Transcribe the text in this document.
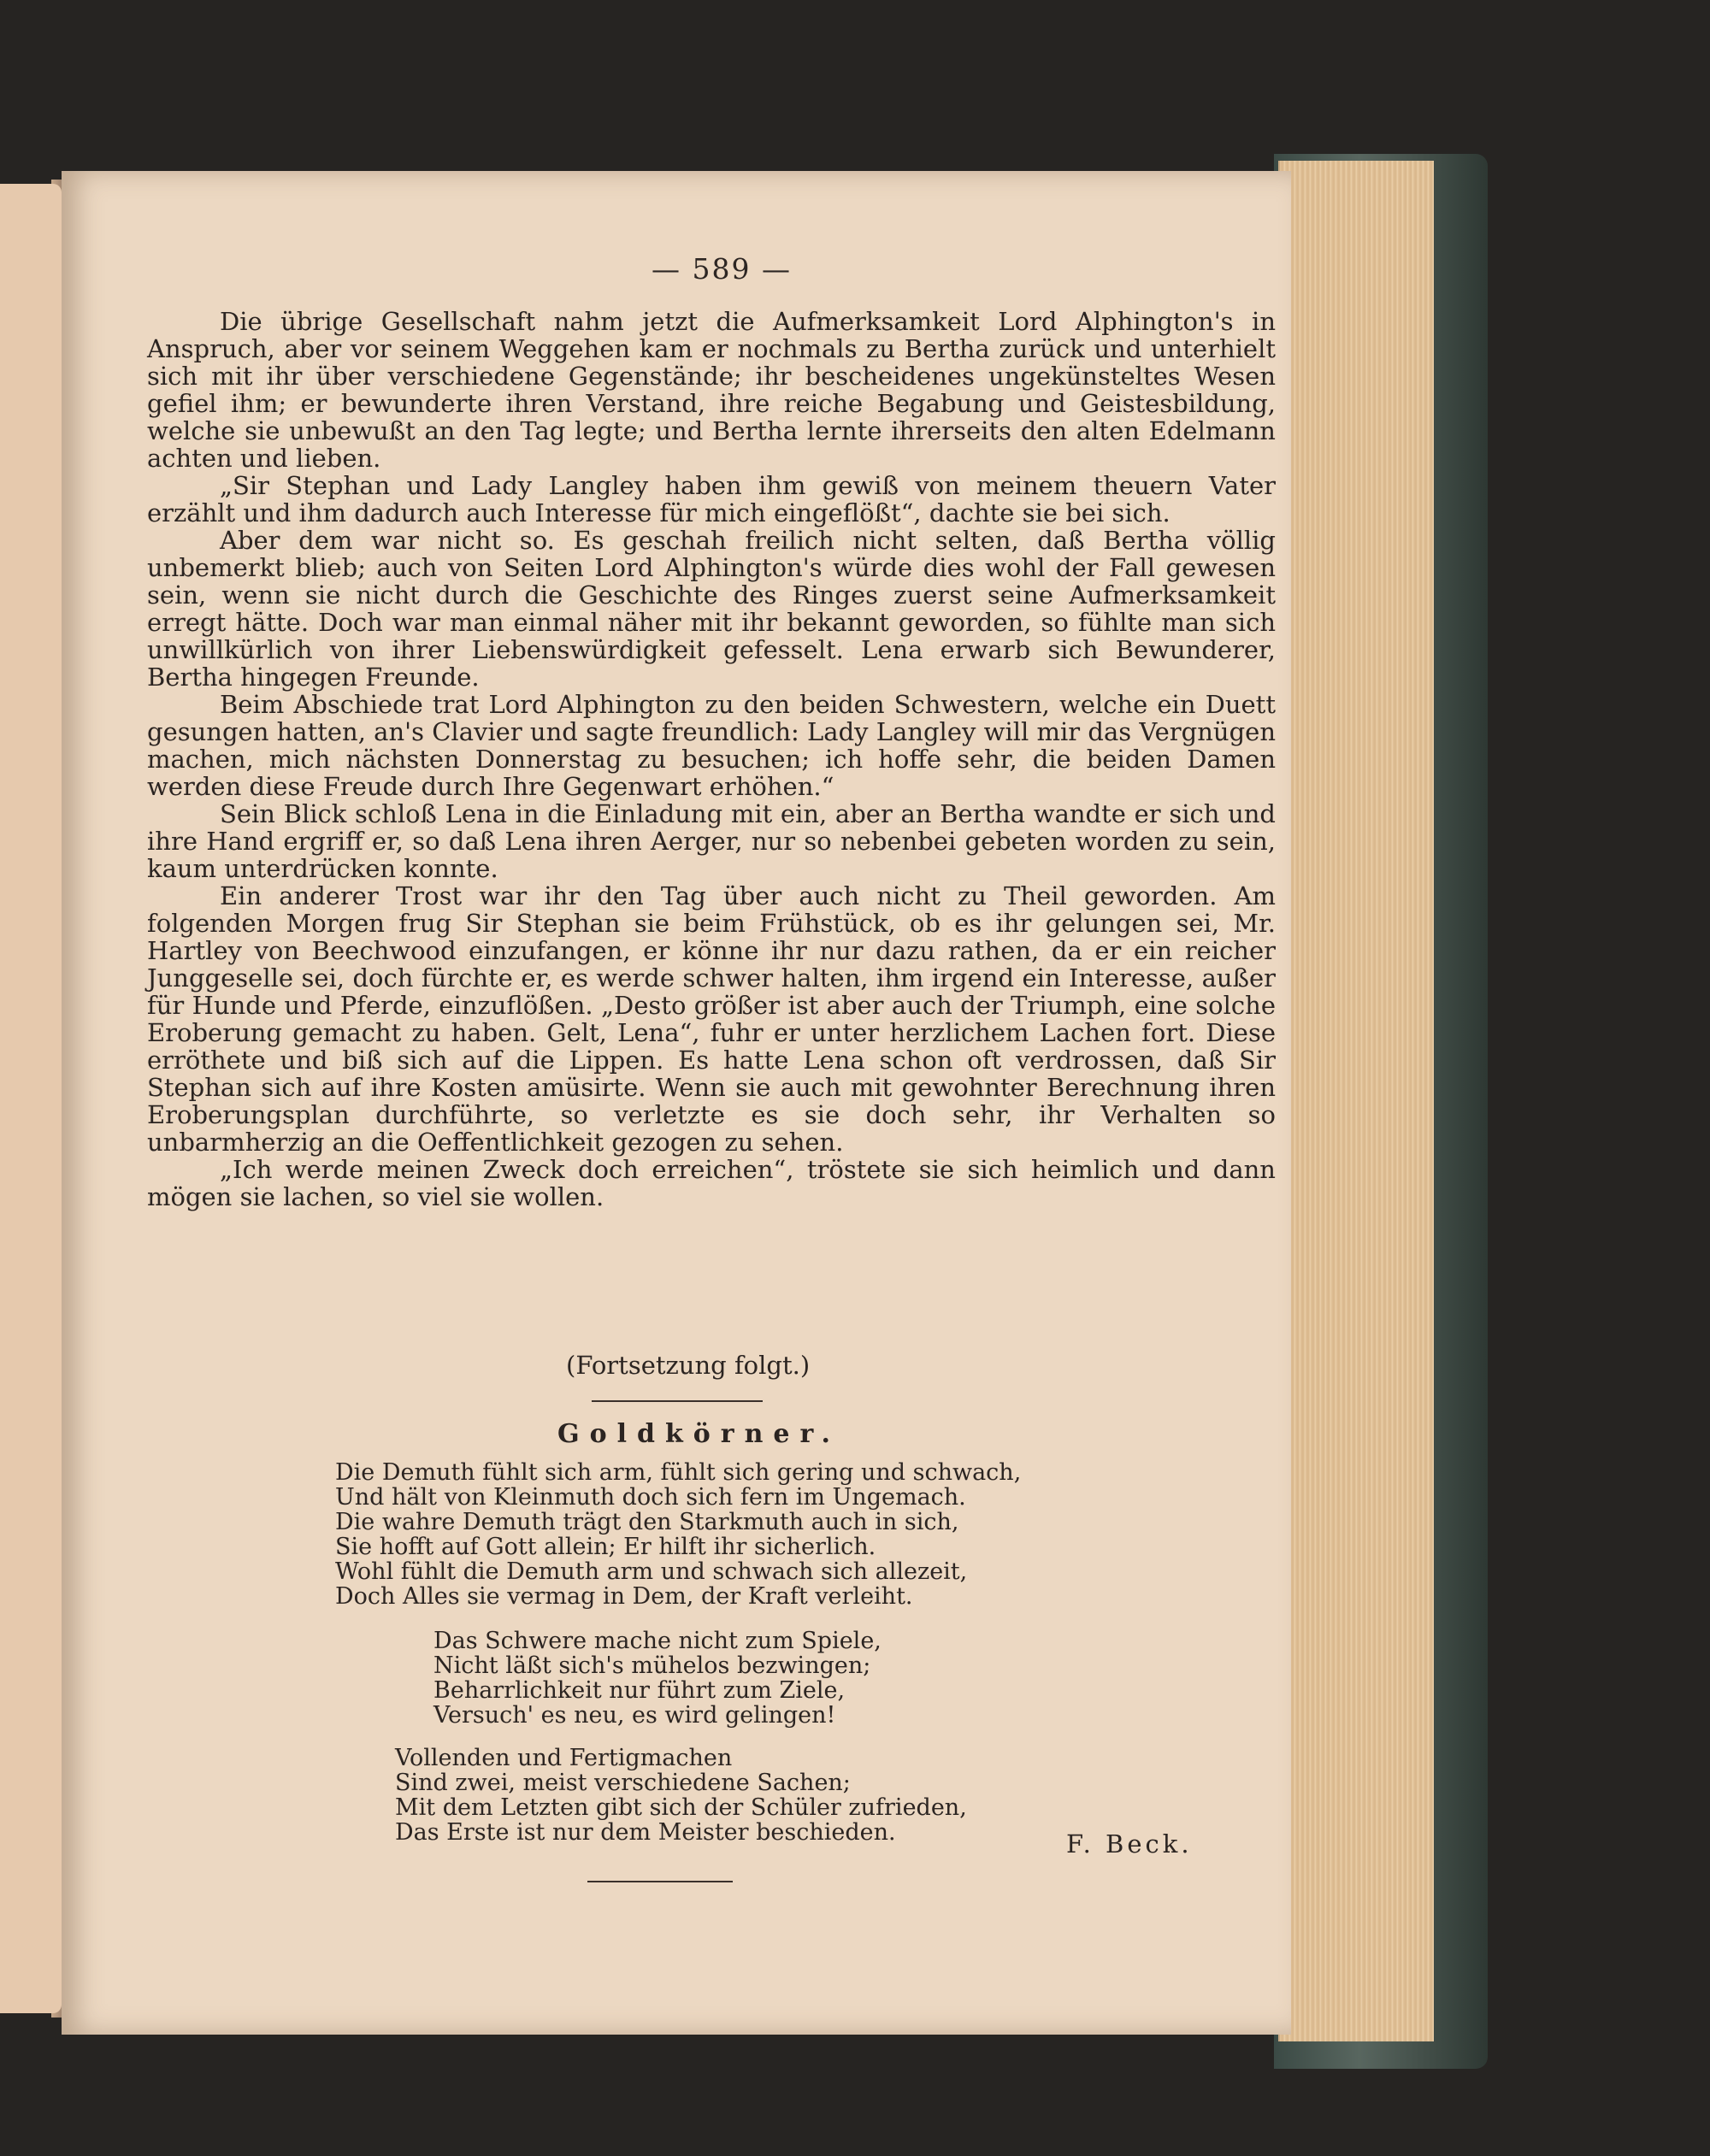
— 589 —

Die übrige Gesellschaft nahm jetzt die Aufmerksamkeit Lord Alphington's in Anspruch, aber vor seinem Weggehen kam er nochmals zu Bertha zurück und unterhielt sich mit ihr über verschiedene Gegenstände; ihr bescheidenes ungekünsteltes Wesen gefiel ihm; er bewunderte ihren Verstand, ihre reiche Begabung und Geistesbildung, welche sie unbewußt an den Tag legte; und Bertha lernte ihrerseits den alten Edelmann achten und lieben.

„Sir Stephan und Lady Langley haben ihm gewiß von meinem theuern Vater erzählt und ihm dadurch auch Interesse für mich eingeflößt“, dachte sie bei sich.

Aber dem war nicht so. Es geschah freilich nicht selten, daß Bertha völlig unbemerkt blieb; auch von Seiten Lord Alphington's würde dies wohl der Fall gewesen sein, wenn sie nicht durch die Geschichte des Ringes zuerst seine Aufmerksamkeit erregt hätte. Doch war man einmal näher mit ihr bekannt geworden, so fühlte man sich unwillkürlich von ihrer Liebenswürdigkeit gefesselt. Lena erwarb sich Bewunderer, Bertha hingegen Freunde.

Beim Abschiede trat Lord Alphington zu den beiden Schwestern, welche ein Duett gesungen hatten, an's Clavier und sagte freundlich: Lady Langley will mir das Vergnügen machen, mich nächsten Donnerstag zu besuchen; ich hoffe sehr, die beiden Damen werden diese Freude durch Ihre Gegenwart erhöhen.“

Sein Blick schloß Lena in die Einladung mit ein, aber an Bertha wandte er sich und ihre Hand ergriff er, so daß Lena ihren Aerger, nur so nebenbei gebeten worden zu sein, kaum unterdrücken konnte.

Ein anderer Trost war ihr den Tag über auch nicht zu Theil geworden. Am folgenden Morgen frug Sir Stephan sie beim Frühstück, ob es ihr gelungen sei, Mr. Hartley von Beechwood einzufangen, er könne ihr nur dazu rathen, da er ein reicher Junggeselle sei, doch fürchte er, es werde schwer halten, ihm irgend ein Interesse, außer für Hunde und Pferde, einzuflößen. „Desto größer ist aber auch der Triumph, eine solche Eroberung gemacht zu haben. Gelt, Lena“, fuhr er unter herzlichem Lachen fort. Diese erröthete und biß sich auf die Lippen. Es hatte Lena schon oft verdrossen, daß Sir Stephan sich auf ihre Kosten amüsirte. Wenn sie auch mit gewohnter Berechnung ihren Eroberungsplan durchführte, so verletzte es sie doch sehr, ihr Verhalten so unbarmherzig an die Oeffentlichkeit gezogen zu sehen.

„Ich werde meinen Zweck doch erreichen“, tröstete sie sich heimlich und dann mögen sie lachen, so viel sie wollen.

(Fortsetzung folgt.)
Goldkörner.
Die Demuth fühlt sich arm, fühlt sich gering und schwach,
Und hält von Kleinmuth doch sich fern im Ungemach.
Die wahre Demuth trägt den Starkmuth auch in sich,
Sie hofft auf Gott allein; Er hilft ihr sicherlich.
Wohl fühlt die Demuth arm und schwach sich allezeit,
Doch Alles sie vermag in Dem, der Kraft verleiht.
Das Schwere mache nicht zum Spiele,
Nicht läßt sich's mühelos bezwingen;
Beharrlichkeit nur führt zum Ziele,
Versuch' es neu, es wird gelingen!
Vollenden und Fertigmachen
Sind zwei, meist verschiedene Sachen;
Mit dem Letzten gibt sich der Schüler zufrieden,
Das Erste ist nur dem Meister beschieden.	F. Beck.
